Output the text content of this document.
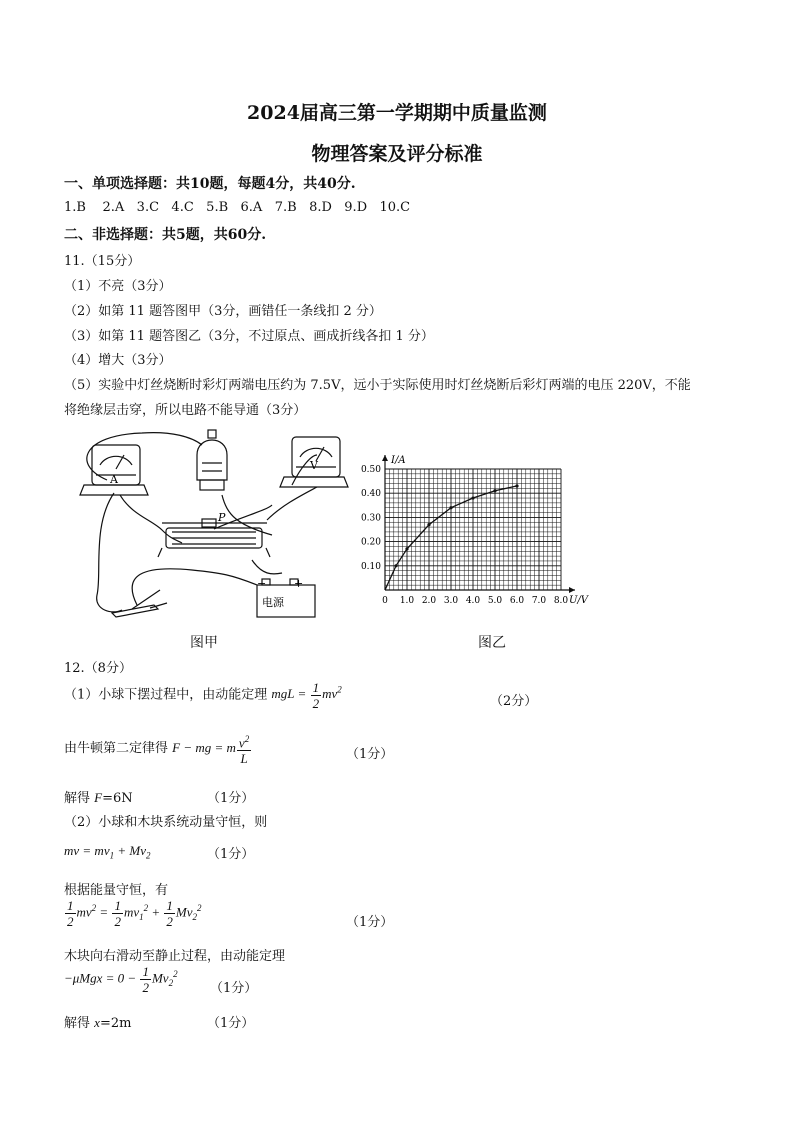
2024届高三第一学期期中质量监测
物理答案及评分标准
一、单项选择题：共10题，每题4分，共40分.
1.B    2.A   3.C   4.C   5.B   6.A   7.B   8.D   9.D   10.C
二、非选择题：共5题，共60分.
11.（15分）
（1）不亮（3分）
（2）如第 11 题答图甲（3分，画错任一条线扣 2 分）
（3）如第 11 题答图乙（3分，不过原点、画成折线各扣 1 分）
（4）增大（3分）
（5）实验中灯丝烧断时彩灯两端电压约为 7.5V，远小于实际使用时灯丝烧断后彩灯两端的电压 220V，不能
将绝缘层击穿，所以电路不能导通（3分）
A
V
P
电源
−	+
图甲
0 1.0 2.0 3.0 4.0 5.0 6.0 7.0 8.0
0.10
0.20
0.30
0.40
0.50
U/V
I/A
图乙
12.（8分）
（1）小球下摆过程中，由动能定理 mgL = $\frac{1}{2} mv^2$
（2分）
由牛顿第二定律得 F − mg = m $\frac{v^2}{L}$	（1分）
解得 F=6N	（1分）
（2）小球和木块系统动量守恒，则
mv = $mv_1 + Mv_2$	（1分）
根据能量守恒，有
$\frac{1}{2} mv^2 = \frac{1}{2} mv_1^2 + \frac{1}{2} Mv_2^2$
（1分）
木块向右滑动至静止过程，由动能定理
$-\mu Mgx = 0 - \frac{1}{2} Mv_2^2$
（1分）
解得 x=2m	（1分）
